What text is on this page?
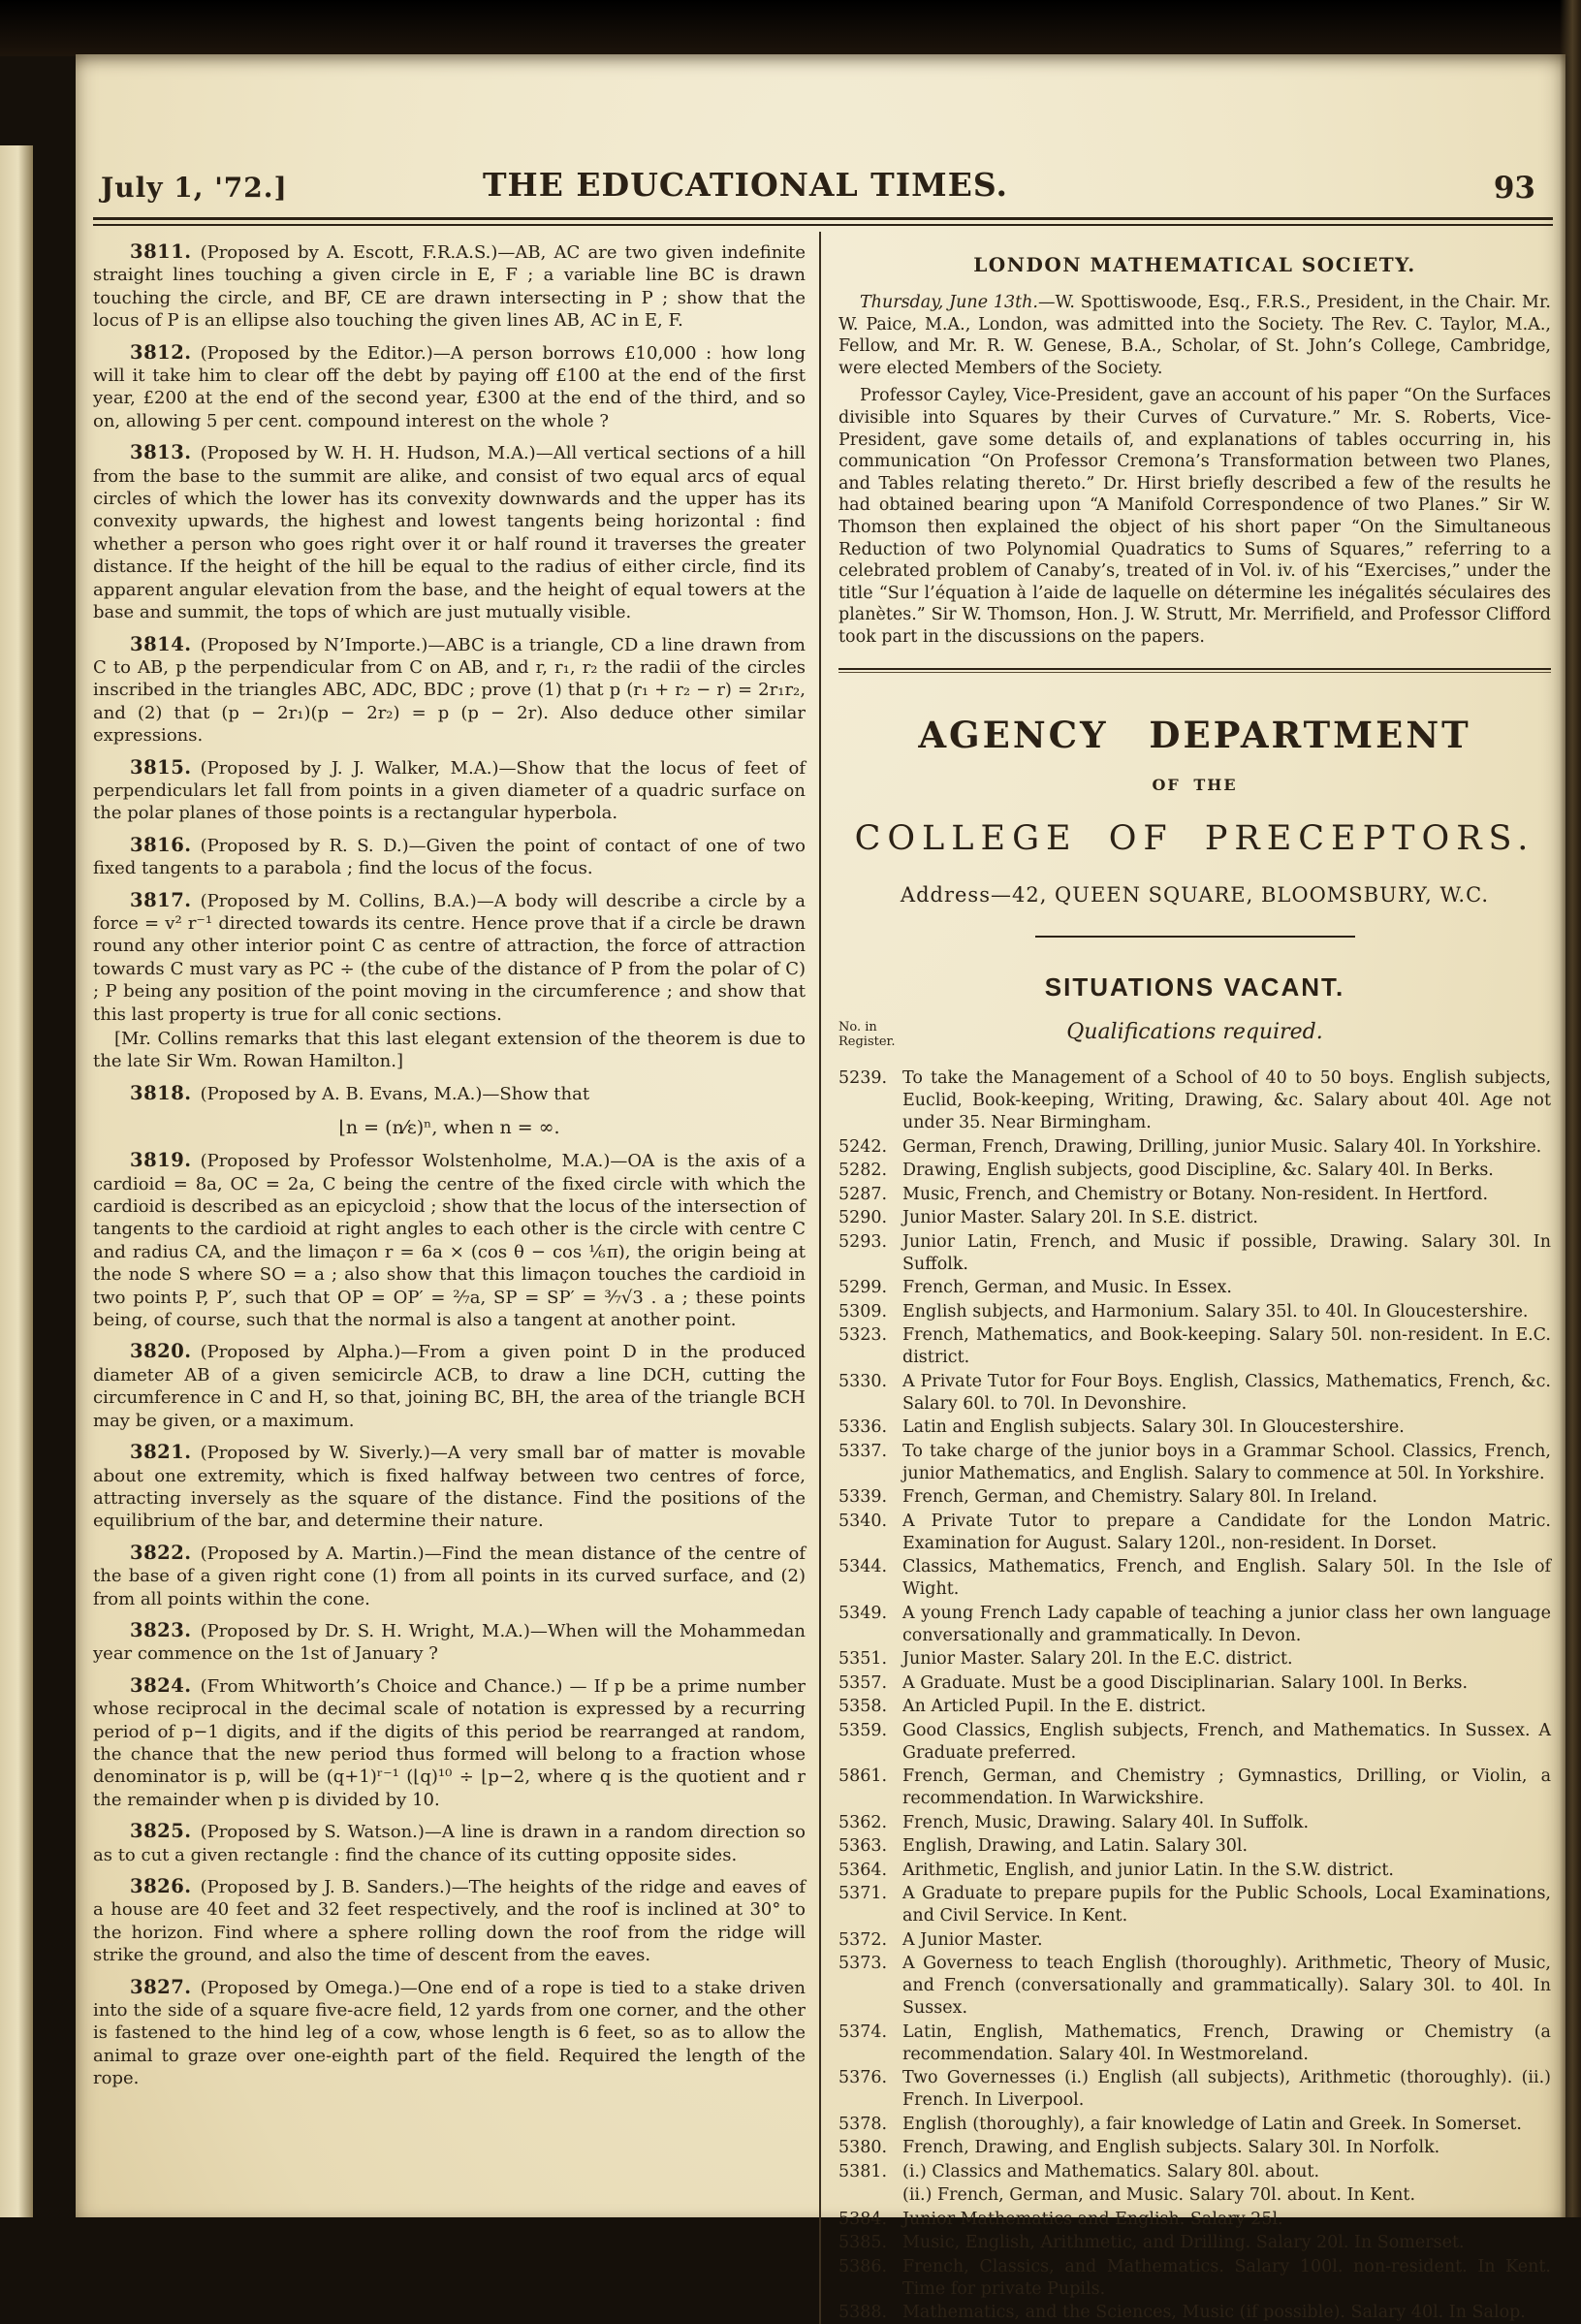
July 1, '72.]	THE EDUCATIONAL TIMES.	93

3811. (Proposed by A. Escott, F.R.A.S.)—AB, AC are two given indefinite straight lines touching a given circle in E, F ; a variable line BC is drawn touching the circle, and BF, CE are drawn intersecting in P ; show that the locus of P is an ellipse also touching the given lines AB, AC in E, F.

3812. (Proposed by the Editor.)—A person borrows £10,000 : how long will it take him to clear off the debt by paying off £100 at the end of the first year, £200 at the end of the second year, £300 at the end of the third, and so on, allowing 5 per cent. compound interest on the whole ?

3813. (Proposed by W. H. H. Hudson, M.A.)—All vertical sections of a hill from the base to the summit are alike, and consist of two equal arcs of equal circles of which the lower has its convexity downwards and the upper has its convexity upwards, the highest and lowest tangents being horizontal : find whether a person who goes right over it or half round it traverses the greater distance. If the height of the hill be equal to the radius of either circle, find its apparent angular elevation from the base, and the height of equal towers at the base and summit, the tops of which are just mutually visible.

3814. (Proposed by N’Importe.)—ABC is a triangle, CD a line drawn from C to AB, p the perpendicular from C on AB, and r, r₁, r₂ the radii of the circles inscribed in the triangles ABC, ADC, BDC ; prove (1) that p (r₁ + r₂ − r) = 2r₁r₂, and (2) that (p − 2r₁)(p − 2r₂) = p (p − 2r). Also deduce other similar expressions.

3815. (Proposed by J. J. Walker, M.A.)—Show that the locus of feet of perpendiculars let fall from points in a given diameter of a quadric surface on the polar planes of those points is a rectangular hyperbola.

3816. (Proposed by R. S. D.)—Given the point of contact of one of two fixed tangents to a parabola ; find the locus of the focus.

3817. (Proposed by M. Collins, B.A.)—A body will describe a circle by a force = v² r⁻¹ directed towards its centre. Hence prove that if a circle be drawn round any other interior point C as centre of attraction, the force of attraction towards C must vary as PC ÷ (the cube of the distance of P from the polar of C) ; P being any position of the point moving in the circumference ; and show that this last property is true for all conic sections.

[Mr. Collins remarks that this last elegant extension of the theorem is due to the late Sir Wm. Rowan Hamilton.]

3818. (Proposed by A. B. Evans, M.A.)—Show that

⌊n = (n⁄ε)ⁿ, when n = ∞.

3819. (Proposed by Professor Wolstenholme, M.A.)—OA is the axis of a cardioid = 8a, OC = 2a, C being the centre of the fixed circle with which the cardioid is described as an epicycloid ; show that the locus of the intersection of tangents to the cardioid at right angles to each other is the circle with centre C and radius CA, and the limaçon r = 6a × (cos θ − cos ⅙π), the origin being at the node S where SO = a ; also show that this limaçon touches the cardioid in two points P, P′, such that OP = OP′ = ²⁄₇a, SP = SP′ = ³⁄₇√3 . a ; these points being, of course, such that the normal is also a tangent at another point.

3820. (Proposed by Alpha.)—From a given point D in the produced diameter AB of a given semicircle ACB, to draw a line DCH, cutting the circumference in C and H, so that, joining BC, BH, the area of the triangle BCH may be given, or a maximum.

3821. (Proposed by W. Siverly.)—A very small bar of matter is movable about one extremity, which is fixed halfway between two centres of force, attracting inversely as the square of the distance. Find the positions of the equilibrium of the bar, and determine their nature.

3822. (Proposed by A. Martin.)—Find the mean distance of the centre of the base of a given right cone (1) from all points in its curved surface, and (2) from all points within the cone.

3823. (Proposed by Dr. S. H. Wright, M.A.)—When will the Mohammedan year commence on the 1st of January ?

3824. (From Whitworth’s Choice and Chance.) — If p be a prime number whose reciprocal in the decimal scale of notation is expressed by a recurring period of p−1 digits, and if the digits of this period be rearranged at random, the chance that the new period thus formed will belong to a fraction whose denominator is p, will be (q+1)ʳ⁻¹ (⌊q)¹⁰ ÷ ⌊p−2, where q is the quotient and r the remainder when p is divided by 10.

3825. (Proposed by S. Watson.)—A line is drawn in a random direction so as to cut a given rectangle : find the chance of its cutting opposite sides.

3826. (Proposed by J. B. Sanders.)—The heights of the ridge and eaves of a house are 40 feet and 32 feet respectively, and the roof is inclined at 30° to the horizon. Find where a sphere rolling down the roof from the ridge will strike the ground, and also the time of descent from the eaves.

3827. (Proposed by Omega.)—One end of a rope is tied to a stake driven into the side of a square five-acre field, 12 yards from one corner, and the other is fastened to the hind leg of a cow, whose length is 6 feet, so as to allow the animal to graze over one-eighth part of the field. Required the length of the rope.

LONDON MATHEMATICAL SOCIETY.

Thursday, June 13th.—W. Spottiswoode, Esq., F.R.S., President, in the Chair. Mr. W. Paice, M.A., London, was admitted into the Society. The Rev. C. Taylor, M.A., Fellow, and Mr. R. W. Genese, B.A., Scholar, of St. John’s College, Cambridge, were elected Members of the Society.

Professor Cayley, Vice-President, gave an account of his paper “On the Surfaces divisible into Squares by their Curves of Curvature.” Mr. S. Roberts, Vice-President, gave some details of, and explanations of tables occurring in, his communication “On Professor Cremona’s Transformation between two Planes, and Tables relating thereto.” Dr. Hirst briefly described a few of the results he had obtained bearing upon “A Manifold Correspondence of two Planes.” Sir W. Thomson then explained the object of his short paper “On the Simultaneous Reduction of two Polynomial Quadratics to Sums of Squares,” referring to a celebrated problem of Canaby’s, treated of in Vol. iv. of his “Exercises,” under the title “Sur l’équation à l’aide de laquelle on détermine les inégalités séculaires des planètes.” Sir W. Thomson, Hon. J. W. Strutt, Mr. Merrifield, and Professor Clifford took part in the discussions on the papers.

AGENCY DEPARTMENT
OF THE
COLLEGE OF PRECEPTORS.
Address—42, QUEEN SQUARE, BLOOMSBURY, W.C.
SITUATIONS VACANT.
No. in
Register.	Qualifications required.
5239. To take the Management of a School of 40 to 50 boys. English subjects, Euclid, Book-keeping, Writing, Drawing, &c. Salary about 40l. Age not under 35. Near Birmingham.
5242. German, French, Drawing, Drilling, junior Music. Salary 40l. In Yorkshire.
5282. Drawing, English subjects, good Discipline, &c. Salary 40l. In Berks.
5287. Music, French, and Chemistry or Botany. Non-resident. In Hertford.
5290. Junior Master. Salary 20l. In S.E. district.
5293. Junior Latin, French, and Music if possible, Drawing. Salary 30l. In Suffolk.
5299. French, German, and Music. In Essex.
5309. English subjects, and Harmonium. Salary 35l. to 40l. In Gloucestershire.
5323. French, Mathematics, and Book-keeping. Salary 50l. non-resident. In E.C. district.
5330. A Private Tutor for Four Boys. English, Classics, Mathematics, French, &c. Salary 60l. to 70l. In Devonshire.
5336. Latin and English subjects. Salary 30l. In Gloucestershire.
5337. To take charge of the junior boys in a Grammar School. Classics, French, junior Mathematics, and English. Salary to commence at 50l. In Yorkshire.
5339. French, German, and Chemistry. Salary 80l. In Ireland.
5340. A Private Tutor to prepare a Candidate for the London Matric. Examination for August. Salary 120l., non-resident. In Dorset.
5344. Classics, Mathematics, French, and English. Salary 50l. In the Isle of Wight.
5349. A young French Lady capable of teaching a junior class her own language conversationally and grammatically. In Devon.
5351. Junior Master. Salary 20l. In the E.C. district.
5357. A Graduate. Must be a good Disciplinarian. Salary 100l. In Berks.
5358. An Articled Pupil. In the E. district.
5359. Good Classics, English subjects, French, and Mathematics. In Sussex. A Graduate preferred.
5861. French, German, and Chemistry ; Gymnastics, Drilling, or Violin, a recommendation. In Warwickshire.
5362. French, Music, Drawing. Salary 40l. In Suffolk.
5363. English, Drawing, and Latin. Salary 30l.
5364. Arithmetic, English, and junior Latin. In the S.W. district.
5371. A Graduate to prepare pupils for the Public Schools, Local Examinations, and Civil Service. In Kent.
5372. A Junior Master.
5373. A Governess to teach English (thoroughly). Arithmetic, Theory of Music, and French (conversationally and grammatically). Salary 30l. to 40l. In Sussex.
5374. Latin, English, Mathematics, French, Drawing or Chemistry (a recommendation. Salary 40l. In Westmoreland.
5376. Two Governesses (i.) English (all subjects), Arithmetic (thoroughly). (ii.) French. In Liverpool.
5378. English (thoroughly), a fair knowledge of Latin and Greek. In Somerset.
5380. French, Drawing, and English subjects. Salary 30l. In Norfolk.
5381. (i.) Classics and Mathematics. Salary 80l. about.
(ii.) French, German, and Music. Salary 70l. about. In Kent.
5384. Junior Mathematics and English. Salary 25l.
5385. Music, English, Arithmetic, and Drilling. Salary 20l. In Somerset.
5386. French, Classics, and Mathematics. Salary 100l. non-resident. In Kent. Time for private Pupils.
5388. Mathematics, and the Sciences, Music (if possible). Salary 40l. In Salop.
